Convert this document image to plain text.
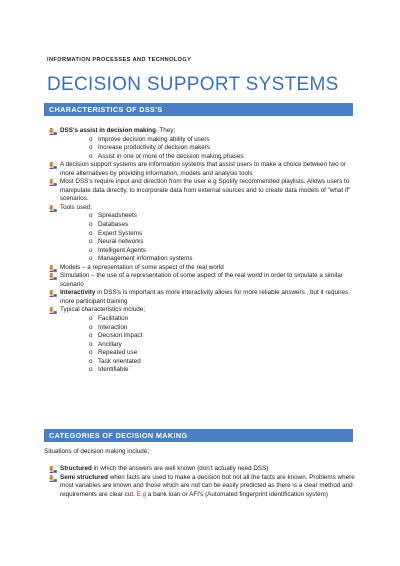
INFORMATION PROCESSES AND TECHNOLOGY
DECISION SUPPORT SYSTEMS
CHARACTERISTICS OF DSS'S
DSS's assist in decision making. They;
o Improve decision making ability of users
o Increase productivity of decision makers
o Assist in one or more of the decision making phases
A decision support systems are information systems that assist users to make a choice between two or more alternatives by providing information, models and analysis tools
Most DSS's require input and direction from the user e.g Spotify recommended playlists. Allows users to manipulate data directly, to incorporate data from external sources and to create data models of "what if" scenarios.
Tools used;
o Spreadsheets
o Databases
o Expert Systems
o Neural networks
o Intelligent Agents
o Management information systems
Models – a representation of some aspect of the real world
Simulation – the use of a representation of some aspect of the real world in order to simulate a similar scenario
Interactivity in DSS's is important as more interactivity allows for more reliable answers , but it requires more participant training
Typical characteristics include;
o Facilitation
o Interaction
o Decision impact
o Ancillary
o Repeated use
o Task orientated
o Identifiable
CATEGORIES OF DECISION MAKING
Situations of decision making include;
Structured in which the answers are well known (don't actually need DSS)
Semi structured when facts are used to make a decision but not all the facts are known. Problems where most variables are known and those which are not can be easily predicted as there is a clear method and requirements are clear cut. E.g a bank loan or AFI's (Automated fingerprint identification system)
